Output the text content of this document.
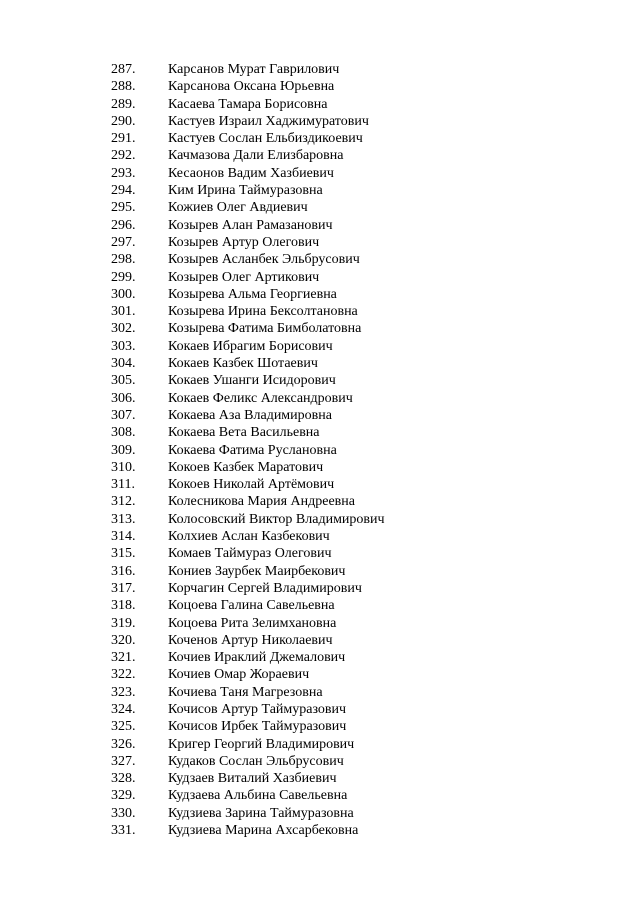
287.	Карсанов Мурат Гаврилович
288.	Карсанова Оксана Юрьевна
289.	Касаева Тамара Борисовна
290.	Кастуев Израил Хаджимуратович
291.	Кастуев Сослан Ельбиздикоевич
292.	Качмазова Дали Елизбаровна
293.	Кесаонов Вадим Хазбиевич
294.	Ким Ирина Таймуразовна
295.	Кожиев Олег Авдиевич
296.	Козырев Алан Рамазанович
297.	Козырев Артур Олегович
298.	Козырев Асланбек Эльбрусович
299.	Козырев Олег Артикович
300.	Козырева Альма Георгиевна
301.	Козырева Ирина Бексолтановна
302.	Козырева Фатима Бимболатовна
303.	Кокаев Ибрагим Борисович
304.	Кокаев Казбек Шотаевич
305.	Кокаев Ушанги Исидорович
306.	Кокаев Феликс Александрович
307.	Кокаева Аза Владимировна
308.	Кокаева Вета Васильевна
309.	Кокаева Фатима Руслановна
310.	Кокоев Казбек Маратович
311.	Кокоев Николай Артёмович
312.	Колесникова Мария Андреевна
313.	Колосовский Виктор Владимирович
314.	Колхиев Аслан Казбекович
315.	Комаев Таймураз Олегович
316.	Кониев Заурбек Маирбекович
317.	Корчагин Сергей Владимирович
318.	Коцоева Галина Савельевна
319.	Коцоева Рита Зелимхановна
320.	Коченов Артур Николаевич
321.	Кочиев Ираклий Джемалович
322.	Кочиев Омар Жораевич
323.	Кочиева Таня Магрезовна
324.	Кочисов Артур Таймуразович
325.	Кочисов Ирбек Таймуразович
326.	Кригер Георгий Владимирович
327.	Кудаков Сослан Эльбрусович
328.	Кудзаев Виталий Хазбиевич
329.	Кудзаева Альбина Савельевна
330.	Кудзиева Зарина Таймуразовна
331.	Кудзиева Марина Ахсарбековна
